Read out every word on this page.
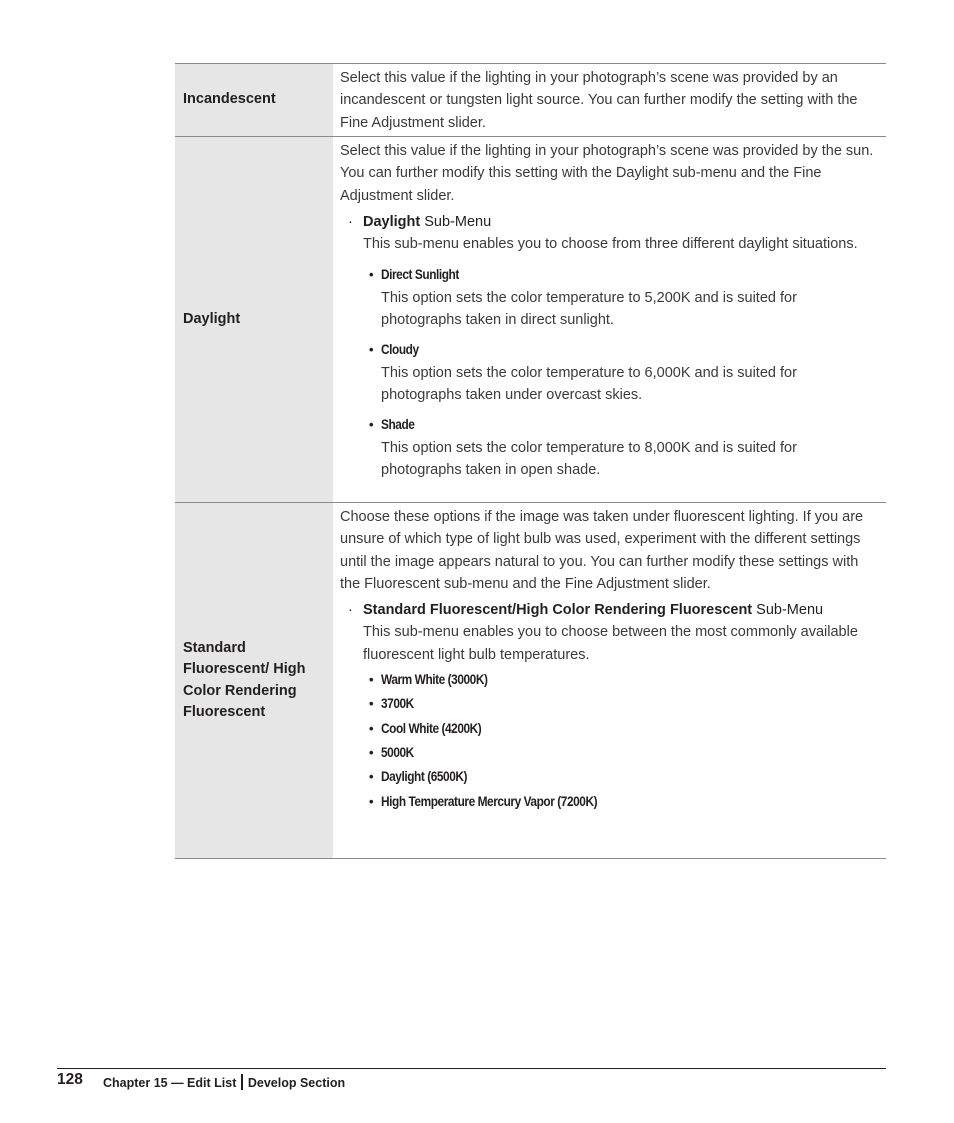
Incandescent

Select this value if the lighting in your photograph’s scene was provided by an incandescent or tungsten light source. You can further modify the setting with the Fine Adjustment slider.

Daylight

Select this value if the lighting in your photograph’s scene was provided by the sun. You can further modify this setting with the Daylight sub-menu and the Fine Adjustment slider.

· Daylight Sub-Menu

This sub-menu enables you to choose from three different daylight situations.

• Direct Sunlight

This option sets the color temperature to 5,200K and is suited for photographs taken in direct sunlight.

• Cloudy

This option sets the color temperature to 6,000K and is suited for photographs taken under overcast skies.

• Shade

This option sets the color temperature to 8,000K and is suited for photographs taken in open shade.

Standard Fluorescent/ High Color Rendering Fluorescent

Choose these options if the image was taken under fluorescent lighting. If you are unsure of which type of light bulb was used, experiment with the different settings until the image appears natural to you. You can further modify these settings with the Fluorescent sub-menu and the Fine Adjustment slider.

· Standard Fluorescent/High Color Rendering Fluorescent Sub-Menu

This sub-menu enables you to choose between the most commonly available fluorescent light bulb temperatures.

• Warm White (3000K)
• 3700K
• Cool White (4200K)
• 5000K
• Daylight (6500K)
• High Temperature Mercury Vapor (7200K)
128 Chapter 15 — Edit List Develop Section
